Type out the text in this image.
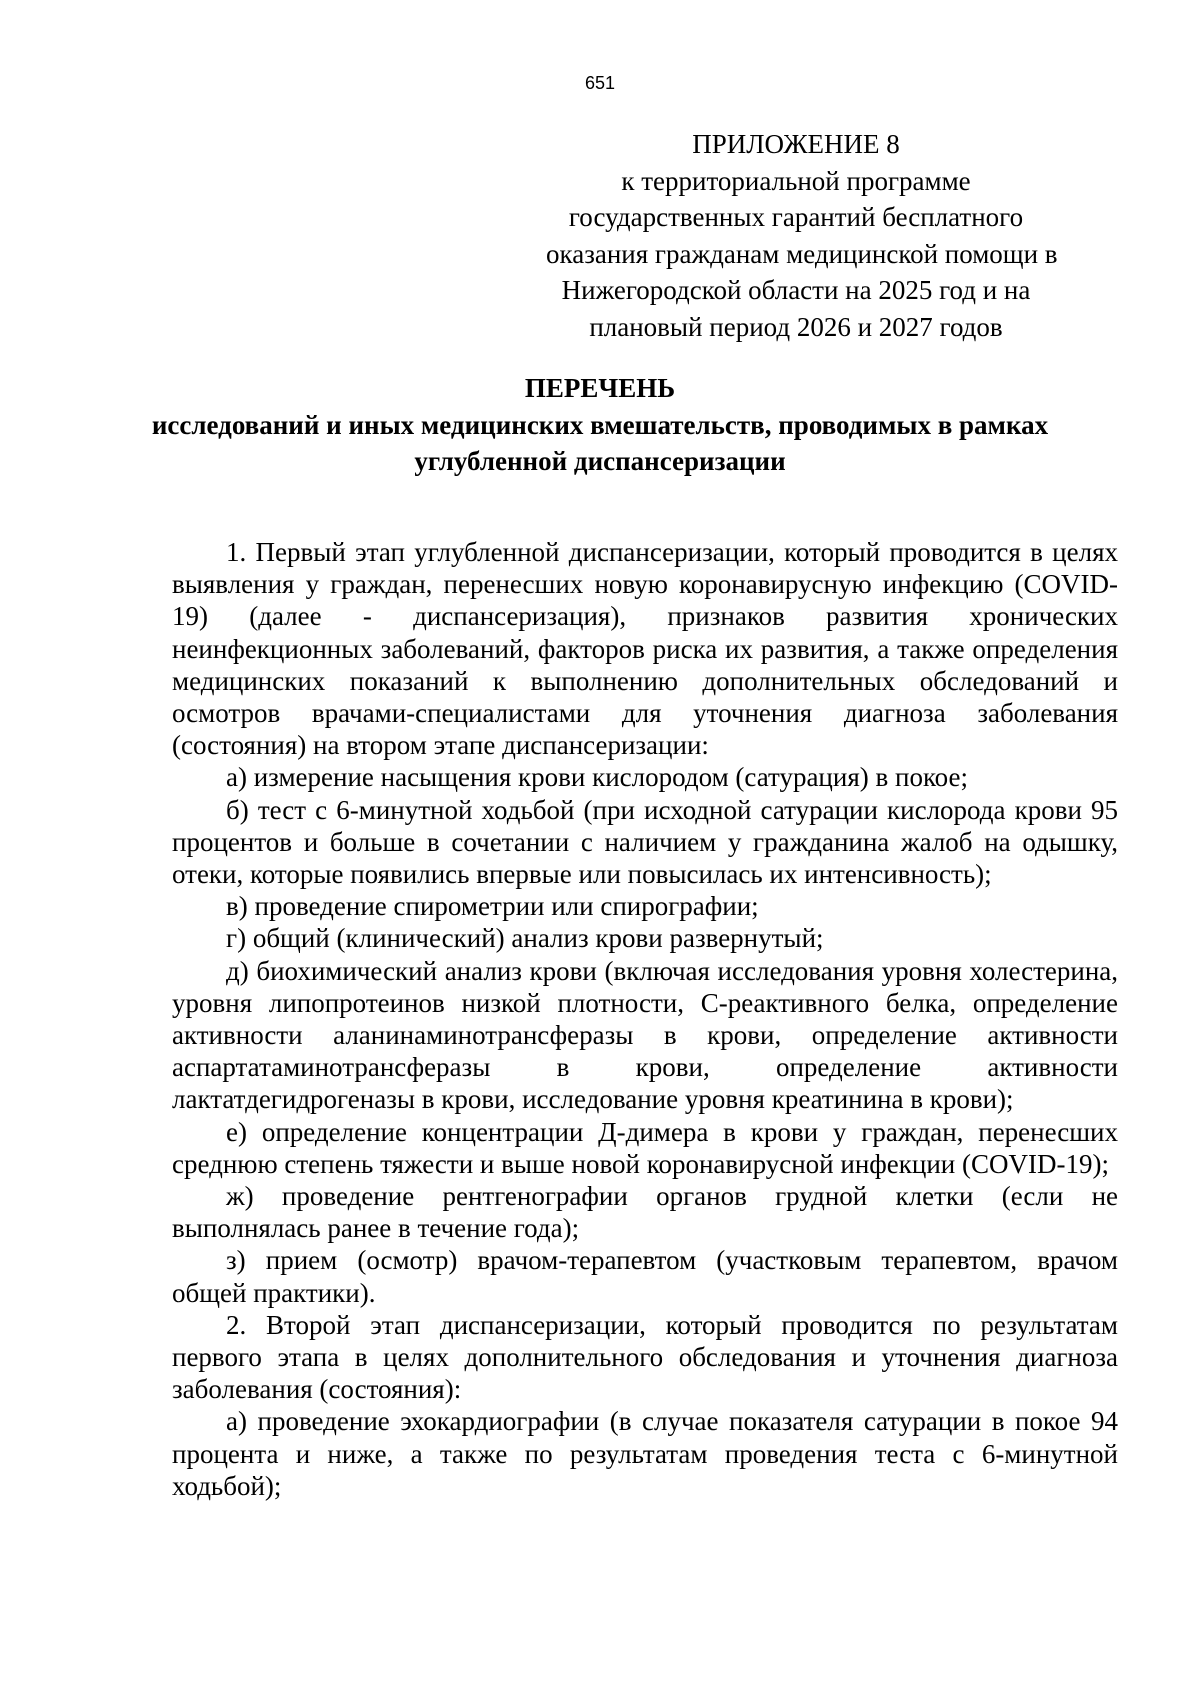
651
ПРИЛОЖЕНИЕ 8
к территориальной программе
государственных гарантий бесплатного
оказания гражданам медицинской помощи в
Нижегородской области на 2025 год и на
плановый период 2026 и 2027 годов
ПЕРЕЧЕНЬ
исследований и иных медицинских вмешательств, проводимых в рамках
углубленной диспансеризации

1. Первый этап углубленной диспансеризации, который проводится в целях выявления у граждан, перенесших новую коронавирусную инфекцию (COVID-19) (далее - диспансеризация), признаков развития хронических неинфекционных заболеваний, факторов риска их развития, а также определения медицинских показаний к выполнению дополнительных обследований и осмотров врачами-специалистами для уточнения диагноза заболевания (состояния) на втором этапе диспансеризации:

а) измерение насыщения крови кислородом (сатурация) в покое;

б) тест с 6-минутной ходьбой (при исходной сатурации кислорода крови 95 процентов и больше в сочетании с наличием у гражданина жалоб на одышку, отеки, которые появились впервые или повысилась их интенсивность);

в) проведение спирометрии или спирографии;

г) общий (клинический) анализ крови развернутый;

д) биохимический анализ крови (включая исследования уровня холестерина, уровня липопротеинов низкой плотности, С-реактивного белка, определение активности аланинаминотрансферазы в крови, определение активности аспартатаминотрансферазы в крови, определение активности лактатдегидрогеназы в крови, исследование уровня креатинина в крови);

е) определение концентрации Д-димера в крови у граждан, перенесших среднюю степень тяжести и выше новой коронавирусной инфекции (COVID-19);

ж) проведение рентгенографии органов грудной клетки (если не выполнялась ранее в течение года);

з) прием (осмотр) врачом-терапевтом (участковым терапевтом, врачом общей практики).

2. Второй этап диспансеризации, который проводится по результатам первого этапа в целях дополнительного обследования и уточнения диагноза заболевания (состояния):

а) проведение эхокардиографии (в случае показателя сатурации в покое 94 процента и ниже, а также по результатам проведения теста с 6-минутной ходьбой);
